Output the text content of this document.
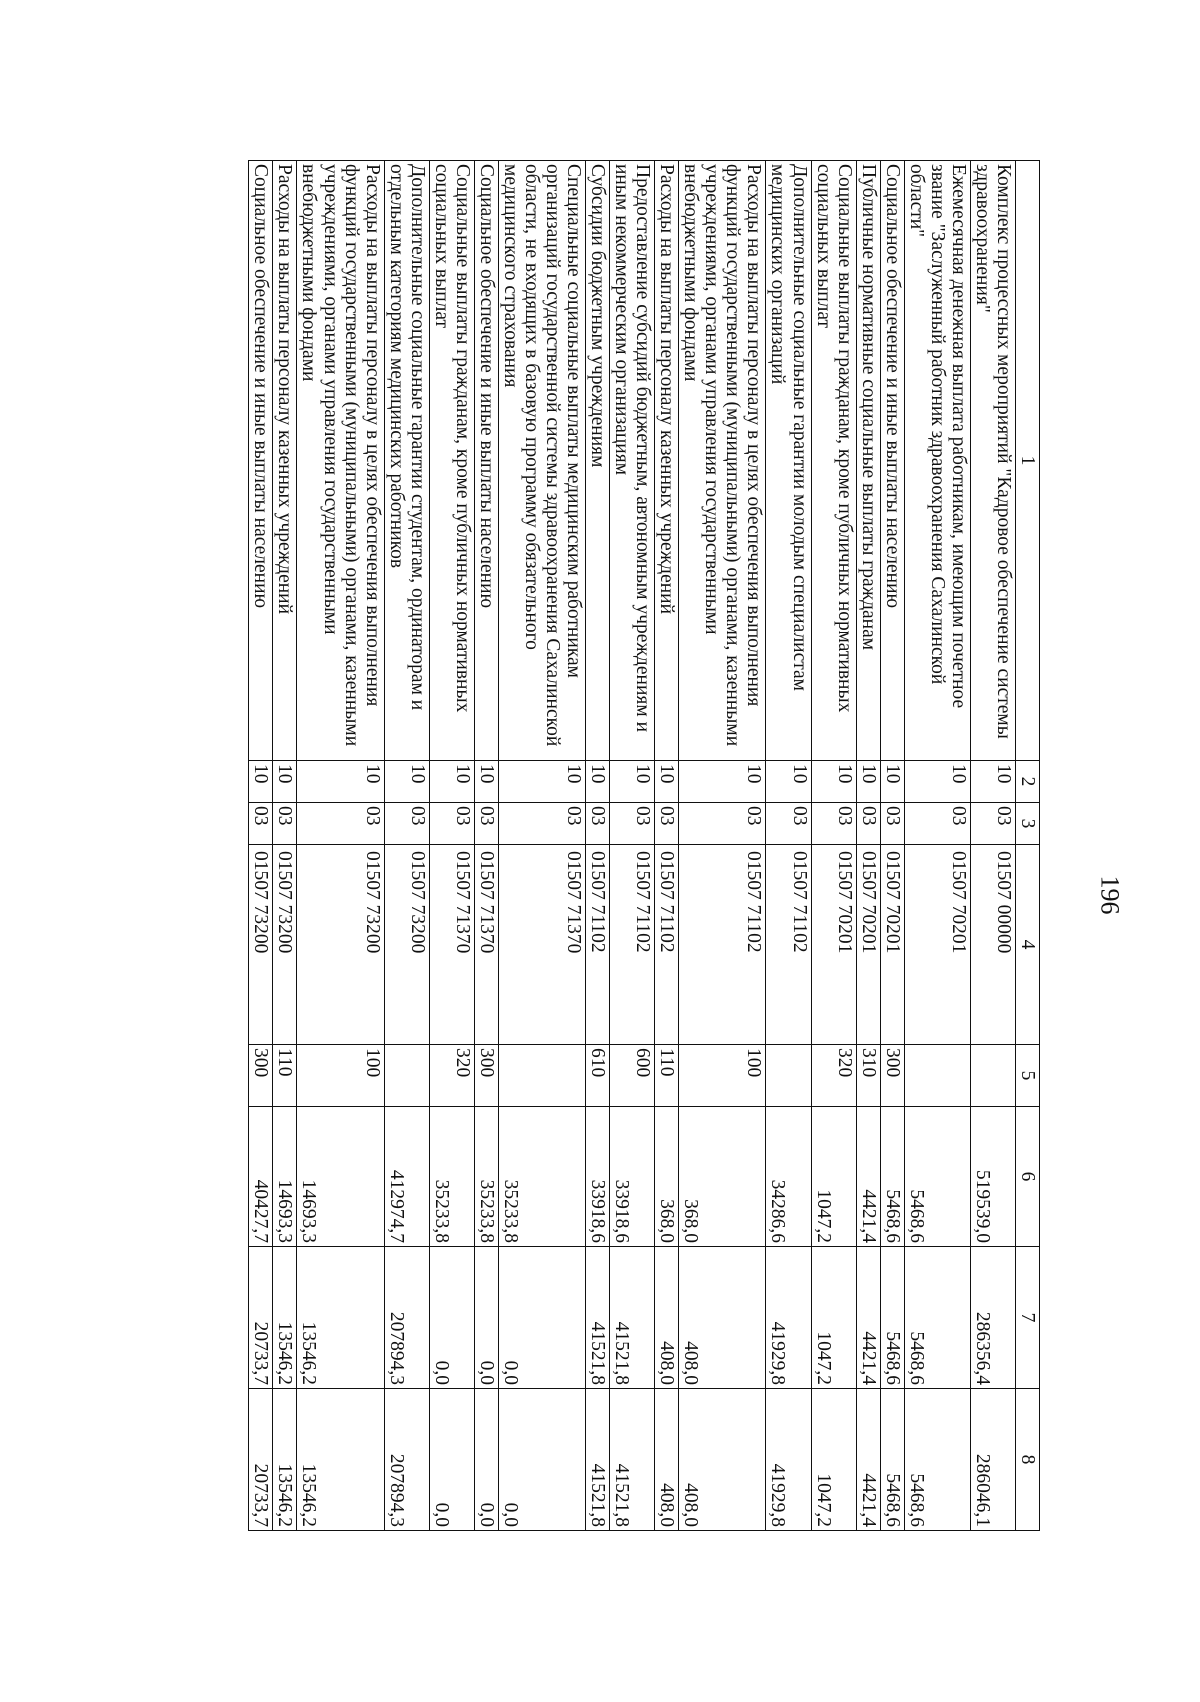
196
1	2	3	4	5	6	7	8
Комплекс процессных мероприятий "Кадровое обеспечение системы здравоохранения"	10	03	01507 00000		519539,0	286356,4	286046,1
Ежемесячная денежная выплата работникам, имеющим почетное звание "Заслуженный работник здравоохранения Сахалинской области"	10	03	01507 70201		5468,6	5468,6	5468,6
Социальное обеспечение и иные выплаты населению	10	03	01507 70201	300	5468,6	5468,6	5468,6
Публичные нормативные социальные выплаты гражданам	10	03	01507 70201	310	4421,4	4421,4	4421,4
Социальные выплаты гражданам, кроме публичных нормативных социальных выплат	10	03	01507 70201	320	1047,2	1047,2	1047,2
Дополнительные социальные гарантии молодым специалистам медицинских организаций	10	03	01507 71102		34286,6	41929,8	41929,8
Расходы на выплаты персоналу в целях обеспечения выполнения функций государственными (муниципальными) органами, казенными учреждениями, органами управления государственными внебюджетными фондами	10	03	01507 71102	100	368,0	408,0	408,0
Расходы на выплаты персоналу казенных учреждений	10	03	01507 71102	110	368,0	408,0	408,0
Предоставление субсидий бюджетным, автономным учреждениям и иным некоммерческим организациям	10	03	01507 71102	600	33918,6	41521,8	41521,8
Субсидии бюджетным учреждениям	10	03	01507 71102	610	33918,6	41521,8	41521,8
Специальные социальные выплаты медицинским работникам организаций государственной системы здравоохранения Сахалинской области, не входящих в базовую программу обязательного медицинского страхования	10	03	01507 71370		35233,8	0,0	0,0
Социальное обеспечение и иные выплаты населению	10	03	01507 71370	300	35233,8	0,0	0,0
Социальные выплаты гражданам, кроме публичных нормативных социальных выплат	10	03	01507 71370	320	35233,8	0,0	0,0
Дополнительные социальные гарантии студентам, ординаторам и отдельным категориям медицинских работников	10	03	01507 73200		412974,7	207894,3	207894,3
Расходы на выплаты персоналу в целях обеспечения выполнения функций государственными (муниципальными) органами, казенными учреждениями, органами управления государственными внебюджетными фондами	10	03	01507 73200	100	14693,3	13546,2	13546,2
Расходы на выплаты персоналу казенных учреждений	10	03	01507 73200	110	14693,3	13546,2	13546,2
Социальное обеспечение и иные выплаты населению	10	03	01507 73200	300	40427,7	20733,7	20733,7
